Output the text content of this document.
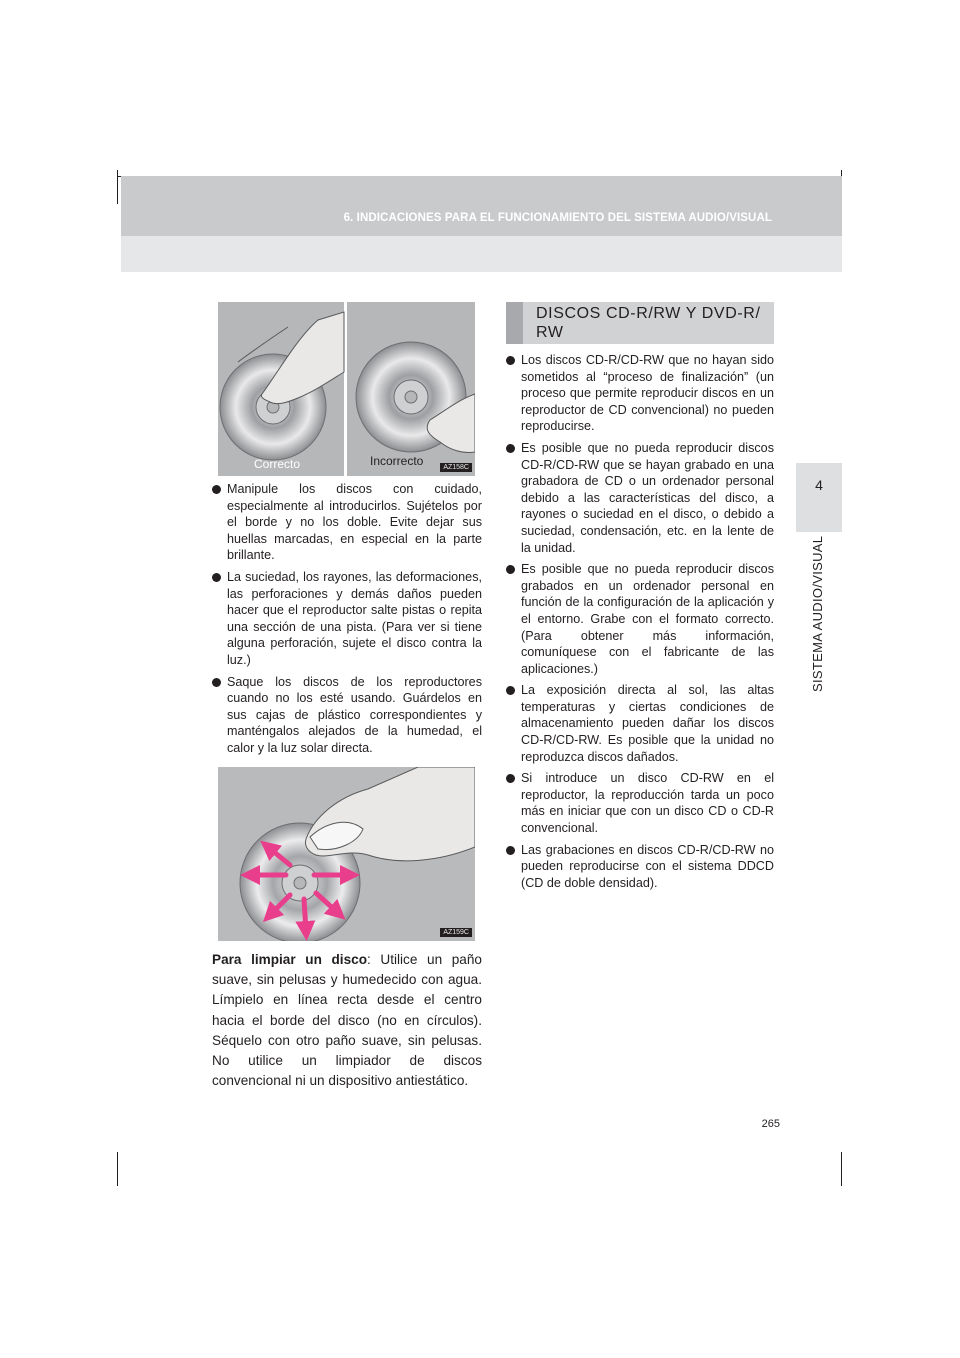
6. INDICACIONES PARA EL FUNCIONAMIENTO DEL SISTEMA AUDIO/VISUAL
4
SISTEMA AUDIO/VISUAL
Correcto	Incorrecto	AZ158C
Manipule los discos con cuidado, especialmente al introducirlos. Sujételos por el borde y no los doble. Evite dejar sus huellas marcadas, en especial en la parte brillante.
La suciedad, los rayones, las deformaciones, las perforaciones y demás daños pueden hacer que el reproductor salte pistas o repita una sección de una pista. (Para ver si tiene alguna perforación, sujete el disco contra la luz.)
Saque los discos de los reproductores cuando no los esté usando. Guárdelos en sus cajas de plástico correspondientes y manténgalos alejados de la humedad, el calor y la luz solar directa.
AZ159C
Para limpiar un disco: Utilice un paño suave, sin pelusas y humedecido con agua. Límpielo en línea recta desde el centro hacia el borde del disco (no en círculos). Séquelo con otro paño suave, sin pelusas. No utilice un limpiador de discos convencional ni un dispositivo antiestático.
DISCOS CD-R/RW Y DVD-R/ RW
Los discos CD-R/CD-RW que no hayan sido sometidos al “proceso de finalización” (un proceso que permite reproducir discos en un reproductor de CD convencional) no pueden reproducirse.
Es posible que no pueda reproducir discos CD-R/CD-RW que se hayan grabado en una grabadora de CD o un ordenador personal debido a las características del disco, a rayones o suciedad en el disco, o debido a suciedad, condensación, etc. en la lente de la unidad.
Es posible que no pueda reproducir discos grabados en un ordenador personal en función de la configuración de la aplicación y el entorno. Grabe con el formato correcto. (Para obtener más información, comuníquese con el fabricante de las aplicaciones.)
La exposición directa al sol, las altas temperaturas y ciertas condiciones de almacenamiento pueden dañar los discos CD-R/CD-RW. Es posible que la unidad no reproduzca discos dañados.
Si introduce un disco CD-RW en el reproductor, la reproducción tarda un poco más en iniciar que con un disco CD o CD-R convencional.
Las grabaciones en discos CD-R/CD-RW no pueden reproducirse con el sistema DDCD (CD de doble densidad).
265
